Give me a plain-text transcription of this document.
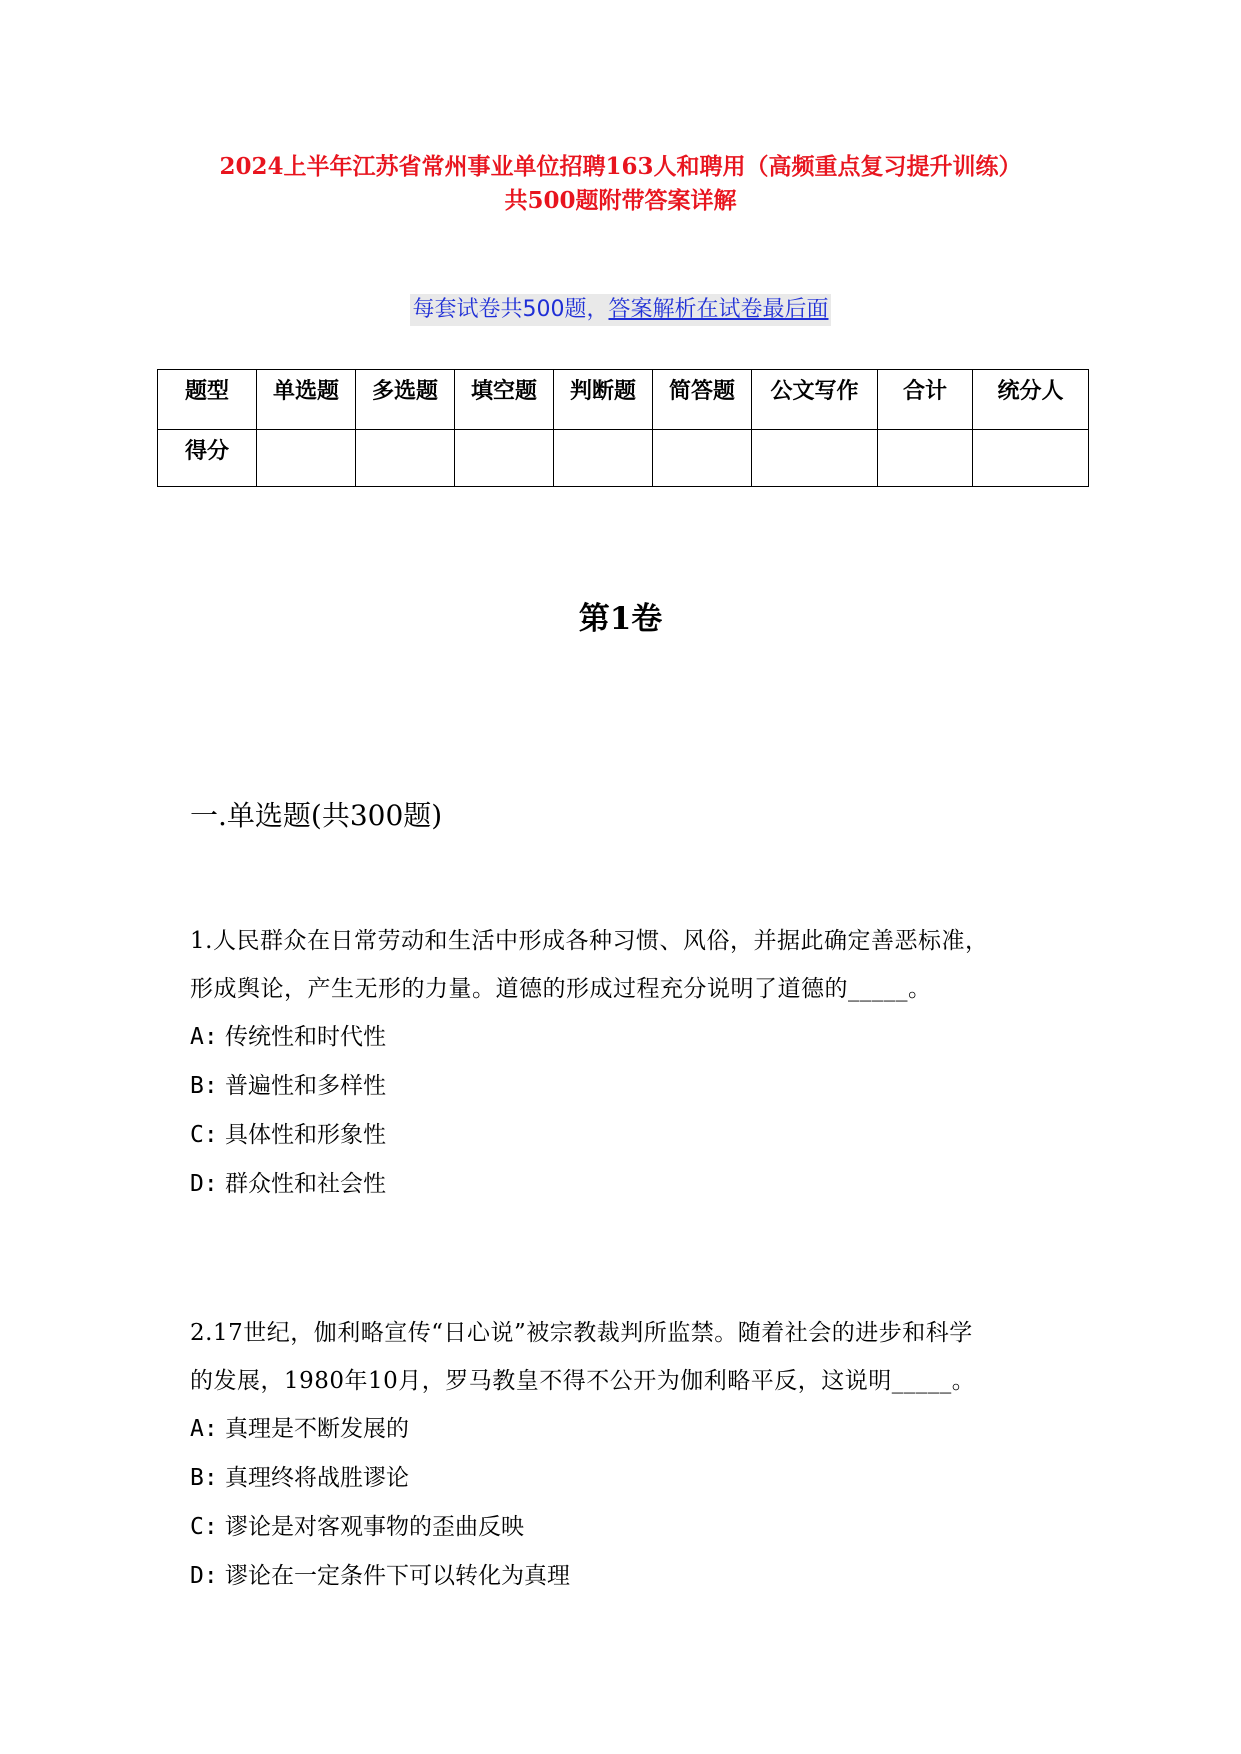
2024上半年江苏省常州事业单位招聘163人和聘用（高频重点复习提升训练）
共500题附带答案详解
每套试卷共500题，答案解析在试卷最后面
题型	单选题	多选题	填空题	判断题	简答题	公文写作	合计	统分人
得分								
第1卷
一.单选题(共300题)
1.人民群众在日常劳动和生活中形成各种习惯、风俗，并据此确定善恶标准，
形成舆论，产生无形的力量。道德的形成过程充分说明了道德的_____。
A: 传统性和时代性
B: 普遍性和多样性
C: 具体性和形象性
D: 群众性和社会性
2.17世纪，伽利略宣传“日心说”被宗教裁判所监禁。随着社会的进步和科学
的发展，1980年10月，罗马教皇不得不公开为伽利略平反，这说明_____。
A: 真理是不断发展的
B: 真理终将战胜谬论
C: 谬论是对客观事物的歪曲反映
D: 谬论在一定条件下可以转化为真理
